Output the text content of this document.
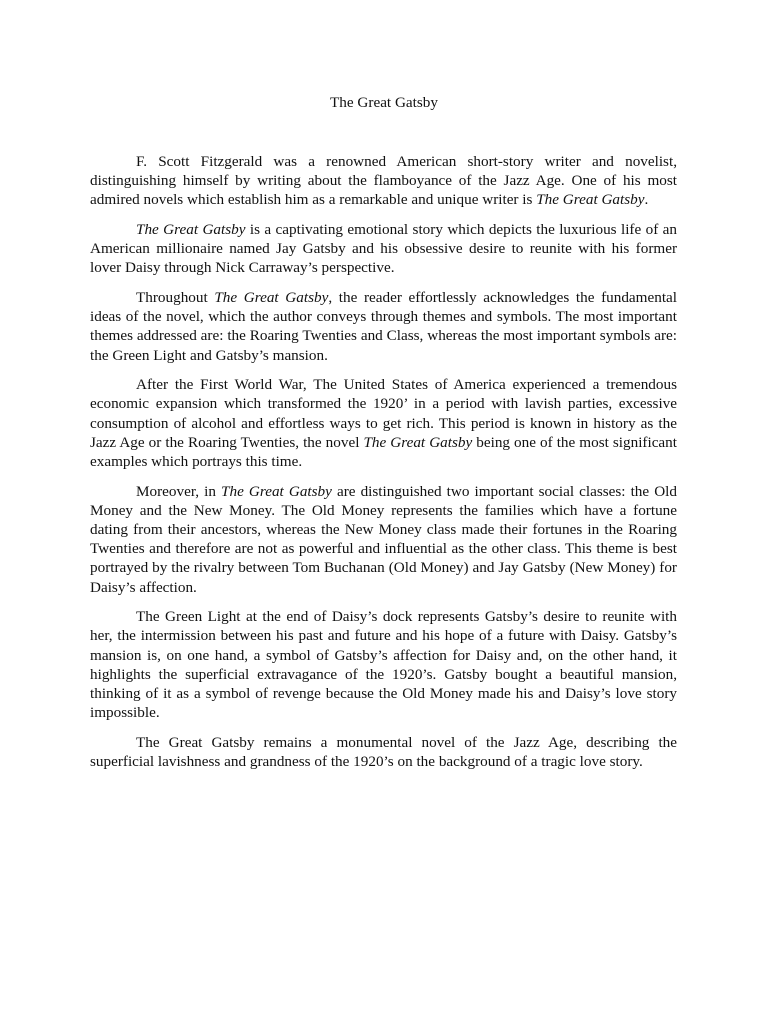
The Great Gatsby

F. Scott Fitzgerald was a renowned American short-story writer and novelist, distinguishing himself by writing about the flamboyance of the Jazz Age. One of his most admired novels which establish him as a remarkable and unique writer is The Great Gatsby.

The Great Gatsby is a captivating emotional story which depicts the luxurious life of an American millionaire named Jay Gatsby and his obsessive desire to reunite with his former lover Daisy through Nick Carraway’s perspective.

Throughout The Great Gatsby, the reader effortlessly acknowledges the fundamental ideas of the novel, which the author conveys through themes and symbols. The most important themes addressed are: the Roaring Twenties and Class, whereas the most important symbols are: the Green Light and Gatsby’s mansion.

After the First World War, The United States of America experienced a tremendous economic expansion which transformed the 1920’ in a period with lavish parties, excessive consumption of alcohol and effortless ways to get rich. This period is known in history as the Jazz Age or the Roaring Twenties, the novel The Great Gatsby being one of the most significant examples which portrays this time.

Moreover, in The Great Gatsby are distinguished two important social classes: the Old Money and the New Money. The Old Money represents the families which have a fortune dating from their ancestors, whereas the New Money class made their fortunes in the Roaring Twenties and therefore are not as powerful and influential as the other class. This theme is best portrayed by the rivalry between Tom Buchanan (Old Money) and Jay Gatsby (New Money) for Daisy’s affection.

The Green Light at the end of Daisy’s dock represents Gatsby’s desire to reunite with her, the intermission between his past and future and his hope of a future with Daisy. Gatsby’s mansion is, on one hand, a symbol of Gatsby’s affection for Daisy and, on the other hand, it highlights the superficial extravagance of the 1920’s. Gatsby bought a beautiful mansion, thinking of it as a symbol of revenge because the Old Money made his and Daisy’s love story impossible.

The Great Gatsby remains a monumental novel of the Jazz Age, describing the superficial lavishness and grandness of the 1920’s on the background of a tragic love story.
